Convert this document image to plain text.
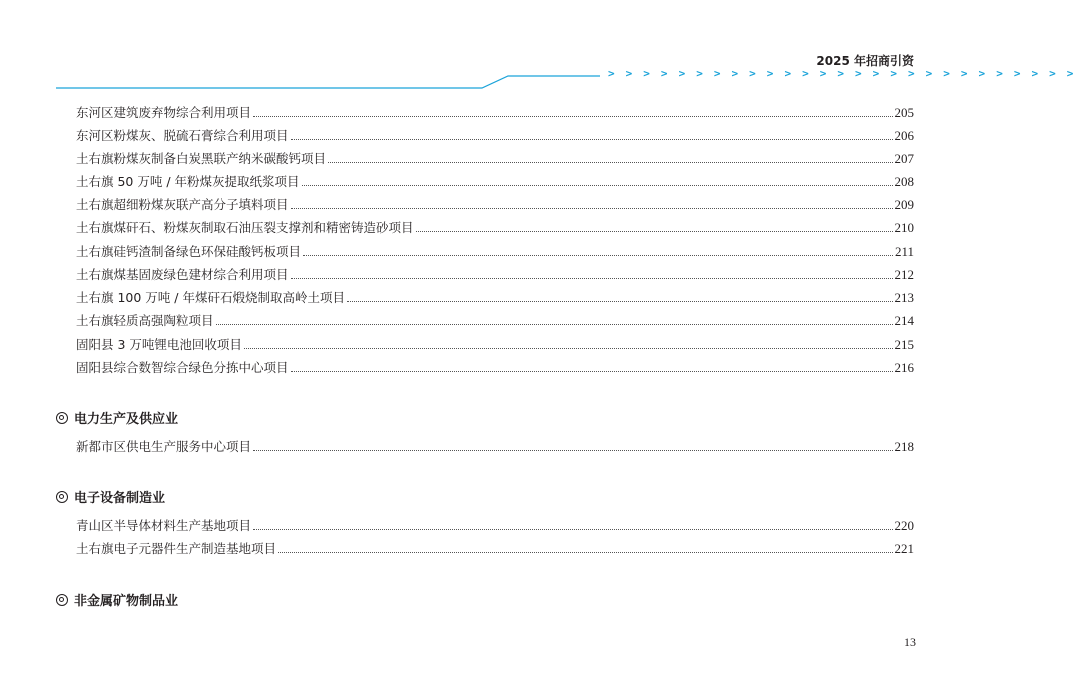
2025 年招商引资
> > > > > > > > > > > > > > > > > > > > > > > > > > >
东河区建筑废弃物综合利用项目	205
东河区粉煤灰、脱硫石膏综合利用项目	206
土右旗粉煤灰制备白炭黑联产纳米碳酸钙项目	207
土右旗 50 万吨 / 年粉煤灰提取纸浆项目	208
土右旗超细粉煤灰联产高分子填料项目	209
土右旗煤矸石、粉煤灰制取石油压裂支撑剂和精密铸造砂项目	210
土右旗硅钙渣制备绿色环保硅酸钙板项目	211
土右旗煤基固废绿色建材综合利用项目	212
土右旗 100 万吨 / 年煤矸石煅烧制取高岭土项目	213
土右旗轻质高强陶粒项目	214
固阳县 3 万吨锂电池回收项目	215
固阳县综合数智综合绿色分拣中心项目	216
新都市区供电生产服务中心项目	218
青山区半导体材料生产基地项目	220
土右旗电子元器件生产制造基地项目	221
电力生产及供应业
电子设备制造业
非金属矿物制品业
13
